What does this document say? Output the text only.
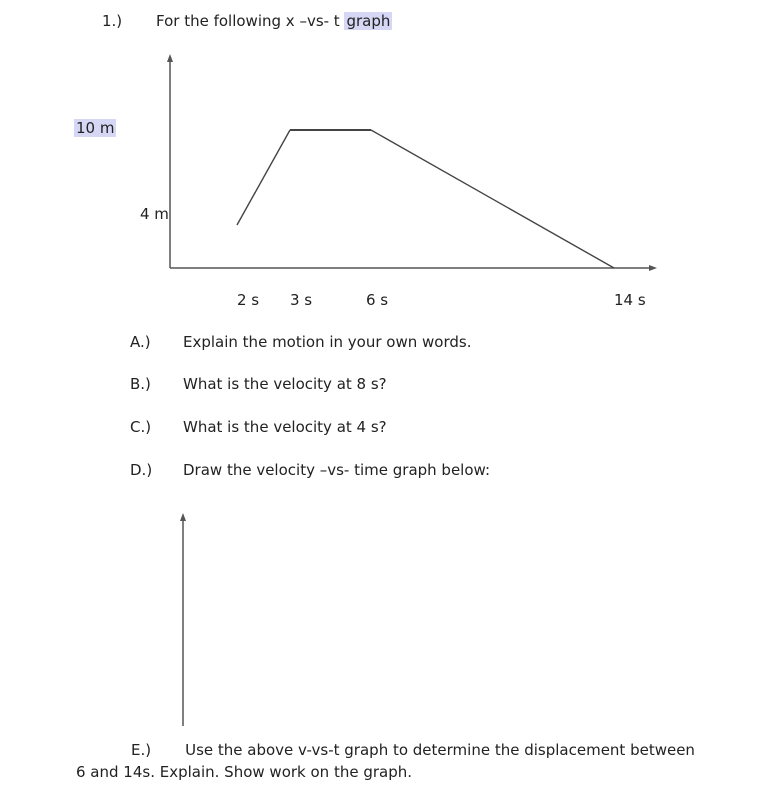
1.) For the following x –vs- t graph
10 m
4 m
2 s 3 s	6 s	14 s
A.) Explain the motion in your own words.
B.) What is the velocity at 8 s?
C.) What is the velocity at 4 s?
D.) Draw the velocity –vs- time graph below:
E.) Use the above v-vs-t graph to determine the displacement between 6 and 14s. Explain. Show work on the graph.
